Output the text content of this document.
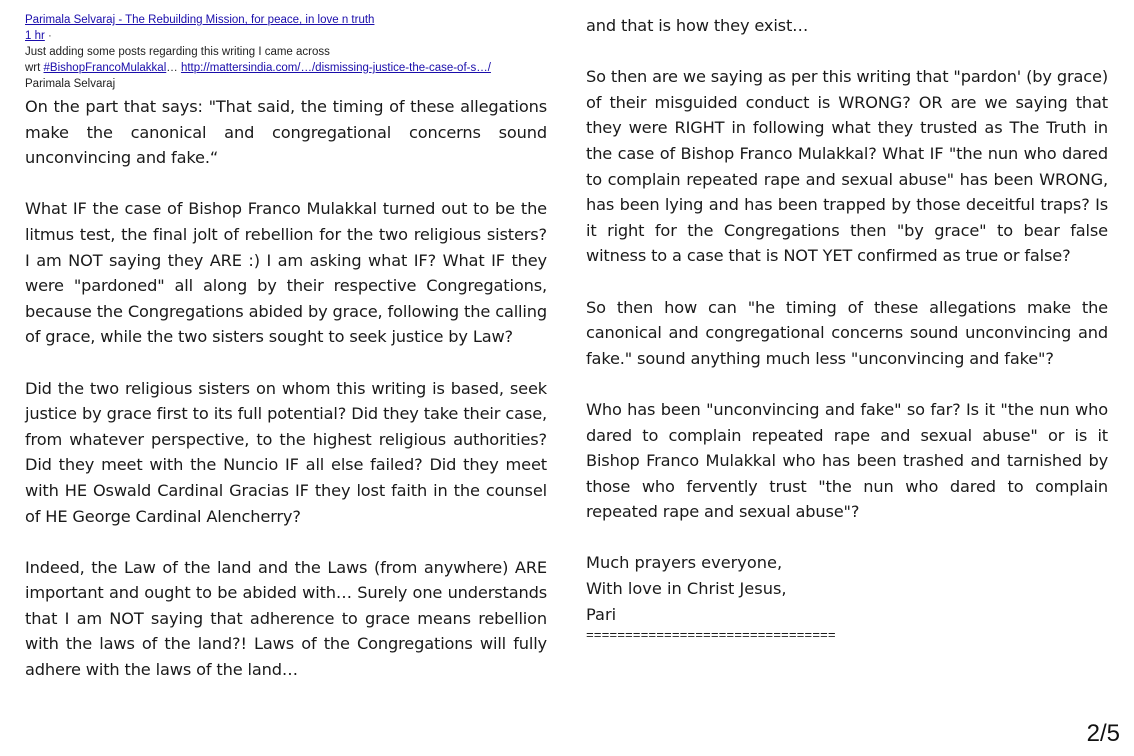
Parimala Selvaraj - The Rebuilding Mission, for peace, in love n truth
1 hr ·
Just adding some posts regarding this writing I came across
wrt #BishopFrancoMulakkal… http://mattersindia.com/…/dismissing-justice-the-case-of-s…/
Parimala Selvaraj

On the part that says: "That said, the timing of these allegations make the canonical and congregational concerns sound unconvincing and fake.“

What IF the case of Bishop Franco Mulakkal turned out to be the litmus test, the final jolt of rebellion for the two religious sisters? I am NOT saying they ARE :) I am asking what IF? What IF they were "pardoned" all along by their respective Congregations, because the Congregations abided by grace, following the calling of grace, while the two sisters sought to seek justice by Law?

Did the two religious sisters on whom this writing is based, seek justice by grace first to its full potential? Did they take their case, from whatever perspective, to the highest religious authorities? Did they meet with the Nuncio IF all else failed? Did they meet with HE Oswald Cardinal Gracias IF they lost faith in the counsel of HE George Cardinal Alencherry?

Indeed, the Law of the land and the Laws (from anywhere) ARE important and ought to be abided with… Surely one understands that I am NOT saying that adherence to grace means rebellion with the laws of the land?! Laws of the Congregations will fully adhere with the laws of the land…

and that is how they exist…

So then are we saying as per this writing that "pardon' (by grace) of their misguided conduct is WRONG? OR are we saying that they were RIGHT in following what they trusted as The Truth in the case of Bishop Franco Mulakkal? What IF "the nun who dared to complain repeated rape and sexual abuse" has been WRONG, has been lying and has been trapped by those deceitful traps? Is it right for the Congregations then "by grace" to bear false witness to a case that is NOT YET confirmed as true or false?

So then how can "he timing of these allegations make the canonical and congregational concerns sound unconvincing and fake." sound anything much less "unconvincing and fake"?

Who has been "unconvincing and fake" so far? Is it "the nun who dared to complain repeated rape and sexual abuse" or is it Bishop Franco Mulakkal who has been trashed and tarnished by those who fervently trust "the nun who dared to complain repeated rape and sexual abuse"?

Much prayers everyone,

With love in Christ Jesus,

Pari

================================
2/5
